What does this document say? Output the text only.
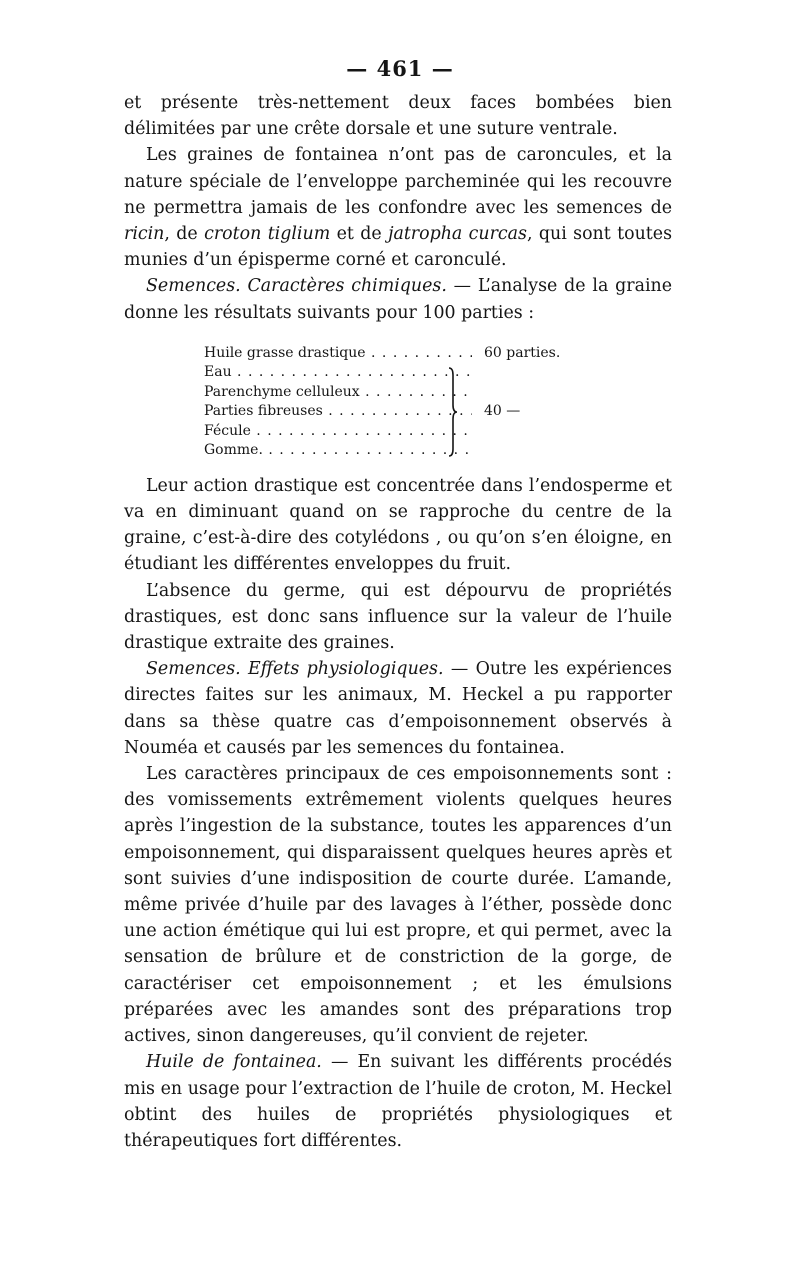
— 461 —

et présente très-nettement deux faces bombées bien délimitées par une crête dorsale et une suture ventrale.

Les graines de fontainea n’ont pas de caroncules, et la nature spéciale de l’enveloppe parcheminée qui les recouvre ne permettra jamais de les confondre avec les semences de ricin, de croton tiglium et de jatropha curcas, qui sont toutes munies d’un épisperme corné et caronculé.

Semences. Caractères chimiques. — L’analyse de la graine donne les résultats suivants pour 100 parties :

Huile grasse drastique . . .	60 parties.
Eau . . .
Parenchyme celluleux . . .
Parties fibreuses . . .
Fécule . . .
Gomme. . . .
40 —

Leur action drastique est concentrée dans l’endosperme et va en diminuant quand on se rapproche du centre de la graine, c’est-à-dire des cotylédons , ou qu’on s’en éloigne, en étudiant les différentes enveloppes du fruit.

L’absence du germe, qui est dépourvu de propriétés drastiques, est donc sans influence sur la valeur de l’huile drastique extraite des graines.

Semences. Effets physiologiques. — Outre les expériences directes faites sur les animaux, M. Heckel a pu rapporter dans sa thèse quatre cas d’empoisonnement observés à Nouméa et causés par les semences du fontainea.

Les caractères principaux de ces empoisonnements sont : des vomissements extrêmement violents quelques heures après l’ingestion de la substance, toutes les apparences d’un empoisonnement, qui disparaissent quelques heures après et sont suivies d’une indisposition de courte durée. L’amande, même privée d’huile par des lavages à l’éther, possède donc une action émétique qui lui est propre, et qui permet, avec la sensation de brûlure et de constriction de la gorge, de caractériser cet empoisonnement ; et les émulsions préparées avec les amandes sont des préparations trop actives, sinon dangereuses, qu’il convient de rejeter.

Huile de fontainea. — En suivant les différents procédés mis en usage pour l’extraction de l’huile de croton, M. Heckel obtint des huiles de propriétés physiologiques et thérapeutiques fort différentes.
